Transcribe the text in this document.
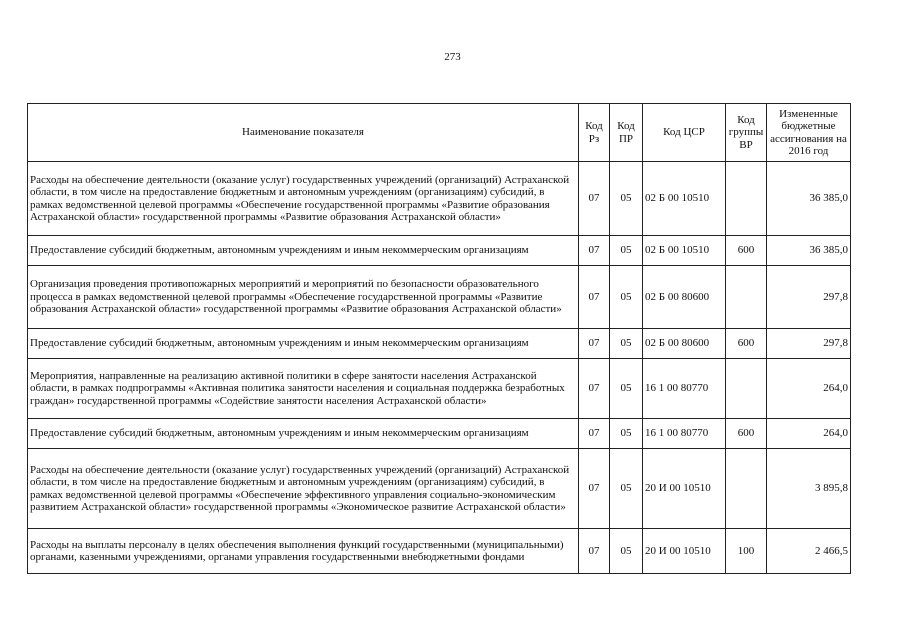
273
Наименование показателя	Код Рз	Код ПР	Код ЦСР	Код группы ВР	Измененные бюджетные ассигнования на 2016 год
Расходы на обеспечение деятельности (оказание услуг) государственных учреждений (организаций) Астраханской области, в том числе на предоставление бюджетным и автономным учреждениям (организациям) субсидий, в рамках ведомственной целевой программы «Обеспечение государственной программы «Развитие образования Астраханской области» государственной программы «Развитие образования Астраханской области»	07	05	02 Б 00 10510		36 385,0
Предоставление субсидий бюджетным, автономным учреждениям и иным некоммерческим организациям	07	05	02 Б 00 10510	600	36 385,0
Организация проведения противопожарных мероприятий и мероприятий по безопасности образовательного процесса в рамках ведомственной целевой программы «Обеспечение государственной программы «Развитие образования Астраханской области» государственной программы «Развитие образования Астраханской области»	07	05	02 Б 00 80600		297,8
Предоставление субсидий бюджетным, автономным учреждениям и иным некоммерческим организациям	07	05	02 Б 00 80600	600	297,8
Мероприятия, направленные на реализацию активной политики в сфере занятости населения Астраханской области, в рамках подпрограммы «Активная политика занятости населения и социальная поддержка безработных граждан» государственной программы «Содействие занятости населения Астраханской области»	07	05	16 1 00 80770		264,0
Предоставление субсидий бюджетным, автономным учреждениям и иным некоммерческим организациям	07	05	16 1 00 80770	600	264,0
Расходы на обеспечение деятельности (оказание услуг) государственных учреждений (организаций) Астраханской области, в том числе на предоставление бюджетным и автономным учреждениям (организациям) субсидий, в рамках ведомственной целевой программы «Обеспечение эффективного управления социально-экономическим развитием Астраханской области» государственной программы «Экономическое развитие Астраханской области»	07	05	20 И 00 10510		3 895,8
Расходы на выплаты персоналу в целях обеспечения выполнения функций государственными (муниципальными) органами, казенными учреждениями, органами управления государственными внебюджетными фондами	07	05	20 И 00 10510	100	2 466,5
